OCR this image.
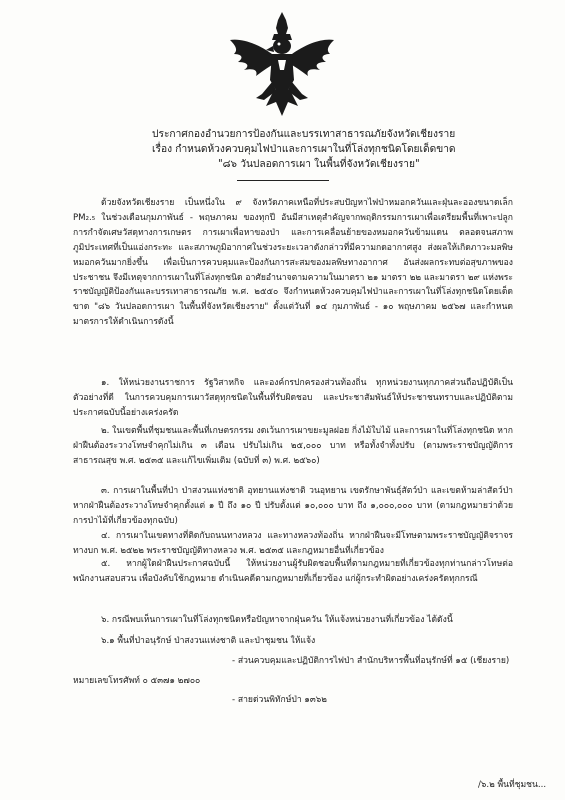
ประกาศกองอำนวยการป้องกันและบรรเทาสาธารณภัยจังหวัดเชียงราย
เรื่อง กำหนดห้วงควบคุมไฟป่าและการเผาในที่โล่งทุกชนิดโดยเด็ดขาด
"๘๖ วันปลอดการเผา ในพื้นที่จังหวัดเชียงราย"
ด้วยจังหวัดเชียงราย เป็นหนึ่งใน ๙ จังหวัดภาคเหนือที่ประสบปัญหาไฟป่าหมอกควันและฝุ่นละอองขนาดเล็ก PM₂.₅ ในช่วงเดือนกุมภาพันธ์ - พฤษภาคม ของทุกปี อันมีสาเหตุสำคัญจากพฤติกรรมการเผาเพื่อเตรียมพื้นที่เพาะปลูก การกำจัดเศษวัสดุทางการเกษตร การเผาเพื่อหาของป่า และการเคลื่อนย้ายของหมอกควันข้ามแดน ตลอดจนสภาพภูมิประเทศที่เป็นแอ่งกระทะ และสภาพภูมิอากาศในช่วงระยะเวลาดังกล่าวที่มีความกดอากาศสูง ส่งผลให้เกิดภาวะมลพิษหมอกควันมากยิ่งขึ้น เพื่อเป็นการควบคุมและป้องกันการสะสมของมลพิษทางอากาศ อันส่งผลกระทบต่อสุขภาพของประชาชน จึงมีเหตุจากการเผาในที่โล่งทุกชนิด อาศัยอำนาจตามความในมาตรา ๒๑ มาตรา ๒๒ และมาตรา ๒๙ แห่งพระราชบัญญัติป้องกันและบรรเทาสาธารณภัย พ.ศ. ๒๕๕๐ จึงกำหนดห้วงควบคุมไฟป่าและการเผาในที่โล่งทุกชนิดโดยเด็ดขาด "๘๖ วันปลอดการเผา ในพื้นที่จังหวัดเชียงราย" ตั้งแต่วันที่ ๑๔ กุมภาพันธ์ - ๑๐ พฤษภาคม ๒๕๖๗ และกำหนดมาตรการให้ดำเนินการดังนี้
๑. ให้หน่วยงานราชการ รัฐวิสาหกิจ และองค์กรปกครองส่วนท้องถิ่น ทุกหน่วยงานทุกภาคส่วนถือปฏิบัติเป็นตัวอย่างที่ดี ในการควบคุมการเผาวัสดุทุกชนิดในพื้นที่รับผิดชอบ และประชาสัมพันธ์ให้ประชาชนทราบและปฏิบัติตามประกาศฉบับนี้อย่างเคร่งครัด
๒. ในเขตพื้นที่ชุมชนและพื้นที่เกษตรกรรม งดเว้นการเผาขยะมูลฝอย กิ่งไม้ใบไม้ และการเผาในที่โล่งทุกชนิด หากฝ่าฝืนต้องระวางโทษจำคุกไม่เกิน ๓ เดือน ปรับไม่เกิน ๒๕,๐๐๐ บาท หรือทั้งจำทั้งปรับ (ตามพระราชบัญญัติการสาธารณสุข พ.ศ. ๒๕๓๕ และแก้ไขเพิ่มเติม (ฉบับที่ ๓) พ.ศ. ๒๕๖๐)
๓. การเผาในพื้นที่ป่า ป่าสงวนแห่งชาติ อุทยานแห่งชาติ วนอุทยาน เขตรักษาพันธุ์สัตว์ป่า และเขตห้ามล่าสัตว์ป่า หากฝ่าฝืนต้องระวางโทษจำคุกตั้งแต่ ๑ ปี ถึง ๑๐ ปี ปรับตั้งแต่ ๑๐,๐๐๐ บาท ถึง ๑,๐๐๐,๐๐๐ บาท (ตามกฎหมายว่าด้วยการป่าไม้ที่เกี่ยวข้องทุกฉบับ)
๔. การเผาในเขตทางที่ติดกับถนนทางหลวง และทางหลวงท้องถิ่น หากฝ่าฝืนจะมีโทษตามพระราชบัญญัติจราจรทางบก พ.ศ. ๒๕๒๒ พระราชบัญญัติทางหลวง พ.ศ. ๒๕๓๕ และกฎหมายอื่นที่เกี่ยวข้อง
๕. หากผู้ใดฝ่าฝืนประกาศฉบับนี้ ให้หน่วยงานผู้รับผิดชอบพื้นที่ตามกฎหมายที่เกี่ยวข้องทุกท่านกล่าวโทษต่อพนักงานสอบสวน เพื่อบังคับใช้กฎหมาย ดำเนินคดีตามกฎหมายที่เกี่ยวข้อง แก่ผู้กระทำผิดอย่างเคร่งครัดทุกกรณี
๖. กรณีพบเห็นการเผาในที่โล่งทุกชนิดหรือปัญหาจากฝุ่นควัน ให้แจ้งหน่วยงานที่เกี่ยวข้อง ได้ดังนี้
๖.๑ พื้นที่ป่าอนุรักษ์ ป่าสงวนแห่งชาติ และป่าชุมชน ให้แจ้ง
- ส่วนควบคุมและปฏิบัติการไฟป่า สำนักบริหารพื้นที่อนุรักษ์ที่ ๑๕ (เชียงราย)
หมายเลขโทรศัพท์ ๐ ๕๓๗๑ ๒๗๐๐
- สายด่วนพิทักษ์ป่า ๑๓๖๒
/๖.๒ พื้นที่ชุมชน...
